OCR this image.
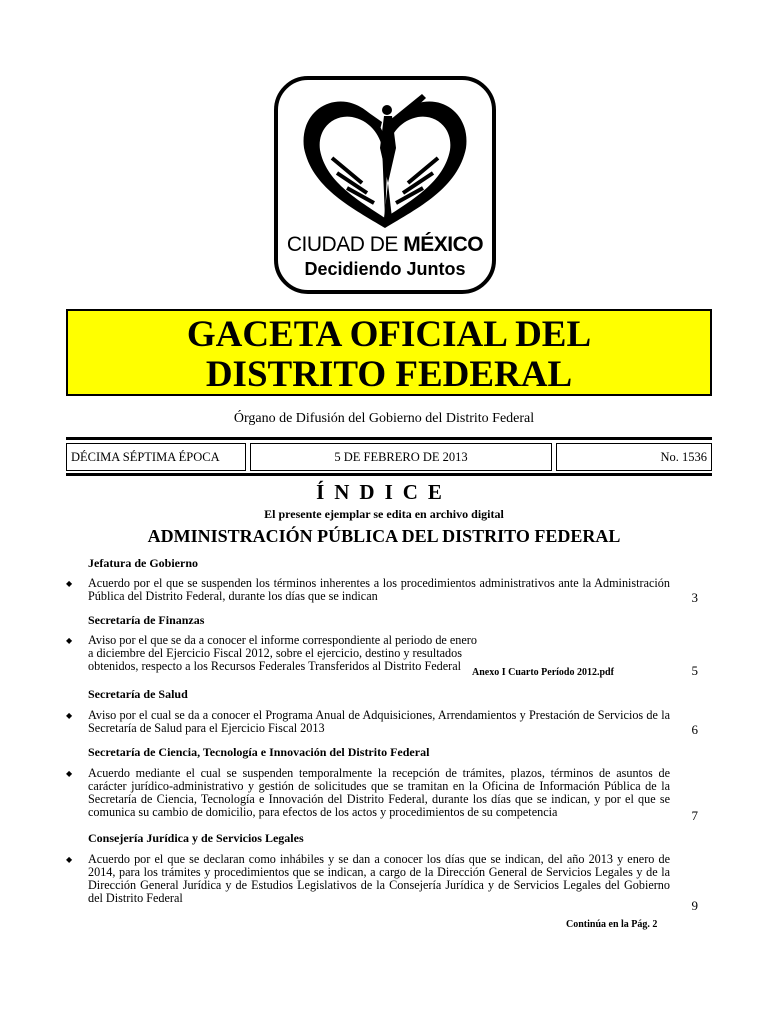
CIUDAD DE MÉXICO
Decidiendo Juntos
GACETA OFICIAL DEL
DISTRITO FEDERAL
Órgano de Difusión del Gobierno del Distrito Federal
DÉCIMA SÉPTIMA ÉPOCA	5 DE FEBRERO DE 2013	No. 1536
ÍNDICE
El presente ejemplar se edita en archivo digital
ADMINISTRACIÓN PÚBLICA DEL DISTRITO FEDERAL
Jefatura de Gobierno
◆ Acuerdo por el que se suspenden los términos inherentes a los procedimientos administrativos ante la Administración Pública del Distrito Federal, durante los días que se indican	3
Secretaría de Finanzas
◆ Aviso por el que se da a conocer el informe correspondiente al periodo de enero a diciembre del Ejercicio Fiscal 2012, sobre el ejercicio, destino y resultados obtenidos, respecto a los Recursos Federales Transferidos al Distrito Federal	5
Anexo I Cuarto Período 2012.pdf
Secretaría de Salud
◆ Aviso por el cual se da a conocer el Programa Anual de Adquisiciones, Arrendamientos y Prestación de Servicios de la Secretaría de Salud para el Ejercicio Fiscal 2013	6
Secretaría de Ciencia, Tecnología e Innovación del Distrito Federal
◆ Acuerdo mediante el cual se suspenden temporalmente la recepción de trámites, plazos, términos de asuntos de carácter jurídico-administrativo y gestión de solicitudes que se tramitan en la Oficina de Información Pública de la Secretaría de Ciencia, Tecnología e Innovación del Distrito Federal, durante los días que se indican, y por el que se comunica su cambio de domicilio, para efectos de los actos y procedimientos de su competencia	7
Consejería Jurídica y de Servicios Legales
◆ Acuerdo por el que se declaran como inhábiles y se dan a conocer los días que se indican, del año 2013 y enero de 2014, para los trámites y procedimientos que se indican, a cargo de la Dirección General de Servicios Legales y de la Dirección General Jurídica y de Estudios Legislativos de la Consejería Jurídica y de Servicios Legales del Gobierno del Distrito Federal	9
Continúa en la Pág. 2
